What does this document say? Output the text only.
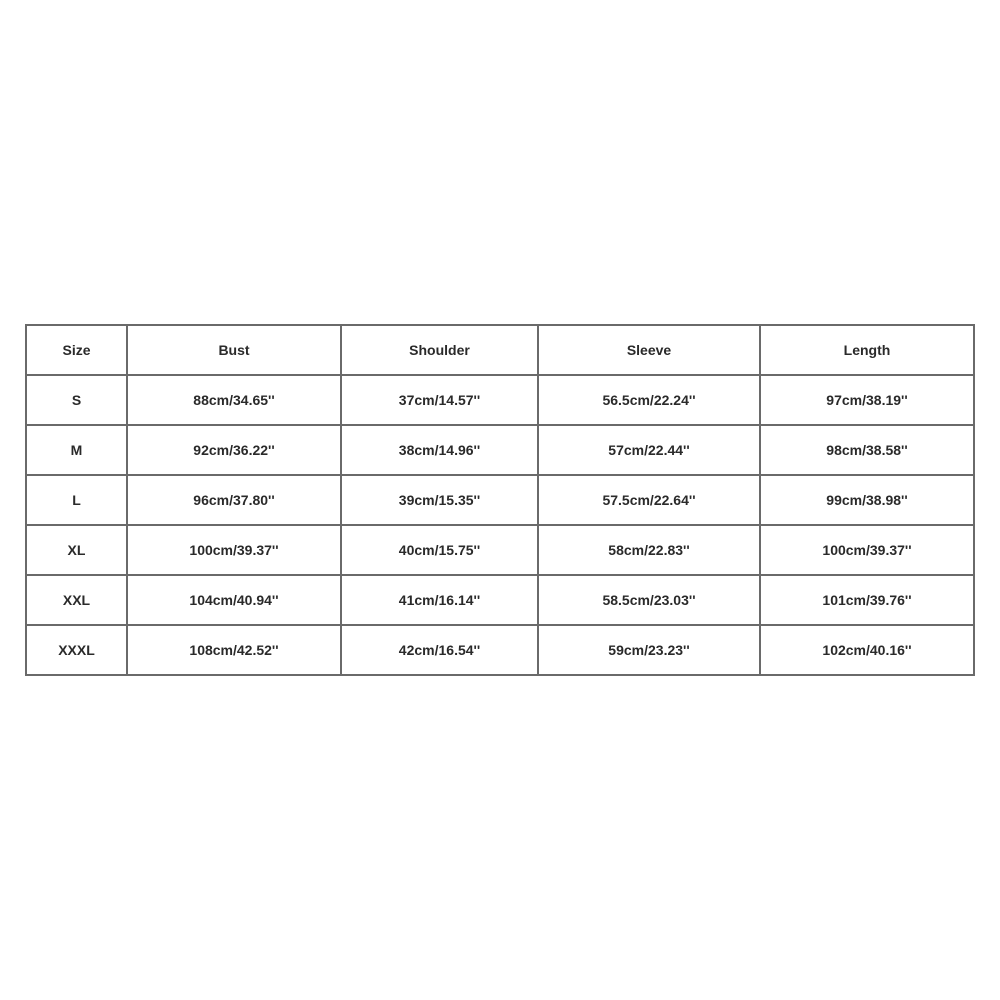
Size	Bust	Shoulder	Sleeve	Length
S	88cm/34.65''	37cm/14.57''	56.5cm/22.24''	97cm/38.19''
M	92cm/36.22''	38cm/14.96''	57cm/22.44''	98cm/38.58''
L	96cm/37.80''	39cm/15.35''	57.5cm/22.64''	99cm/38.98''
XL	100cm/39.37''	40cm/15.75''	58cm/22.83''	100cm/39.37''
XXL	104cm/40.94''	41cm/16.14''	58.5cm/23.03''	101cm/39.76''
XXXL	108cm/42.52''	42cm/16.54''	59cm/23.23''	102cm/40.16''
